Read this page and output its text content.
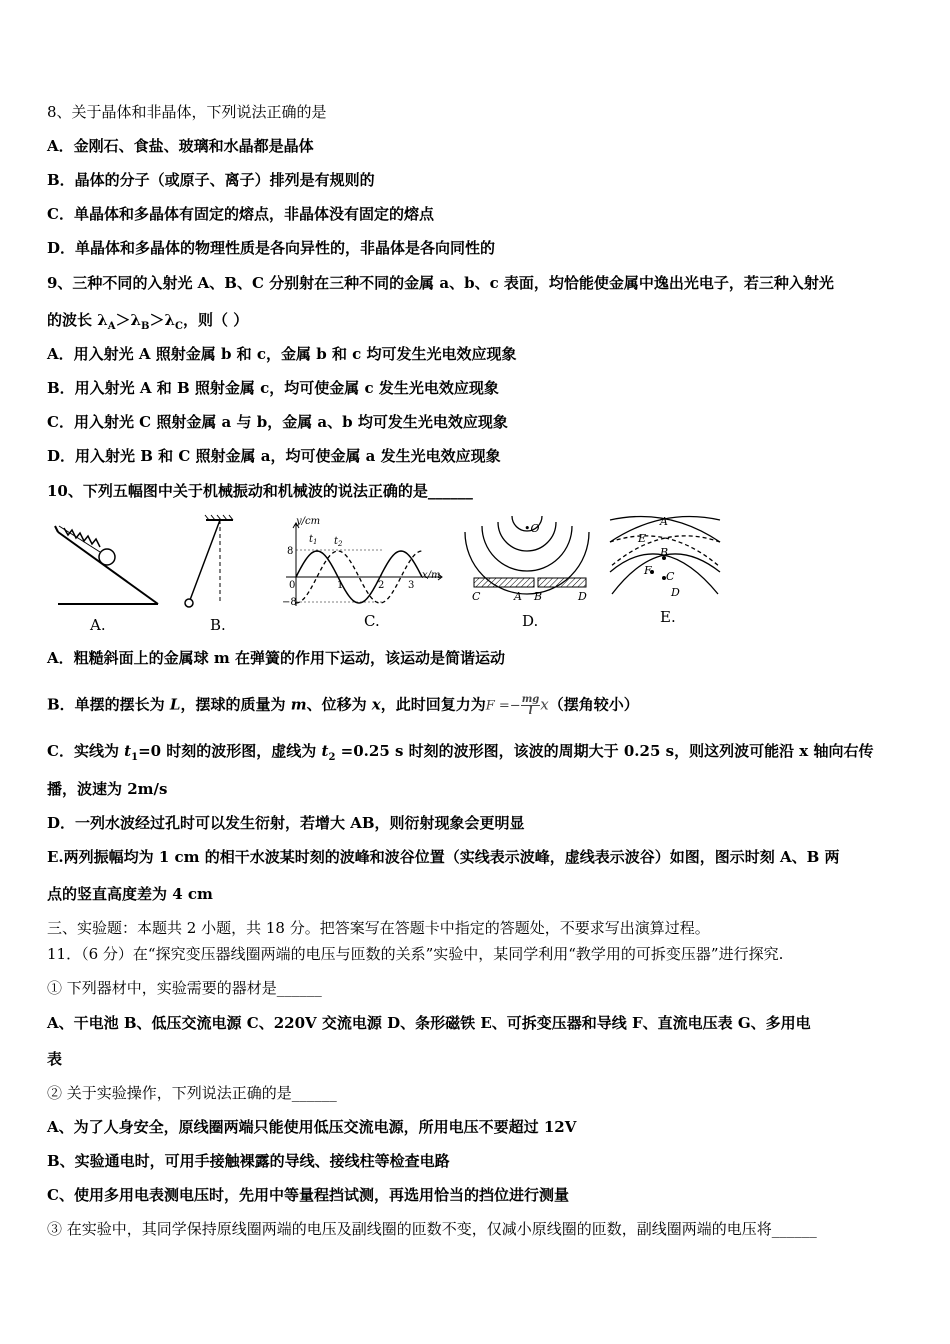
8、关于晶体和非晶体，下列说法正确的是
A．金刚石、食盐、玻璃和水晶都是晶体
B．晶体的分子（或原子、离子）排列是有规则的
C．单晶体和多晶体有固定的熔点，非晶体没有固定的熔点
D．单晶体和多晶体的物理性质是各向异性的，非晶体是各向同性的
9、三种不同的入射光 A、B、C 分别射在三种不同的金属 a、b、c 表面，均恰能使金属中逸出光电子，若三种入射光
的波长 $\lambda_A>\lambda_B>\lambda_C$，则（ ）
A．用入射光 A 照射金属 b 和 c，金属 b 和 c 均可发生光电效应现象
B．用入射光 A 和 B 照射金属 c，均可使金属 c 发生光电效应现象
C．用入射光 C 照射金属 a 与 b，金属 a、b 均可发生光电效应现象
D．用入射光 B 和 C 照射金属 a，均可使金属 a 发生光电效应现象
10、下列五幅图中关于机械振动和机械波的说法正确的是______
A.	B.
y/cm
x/m
$t_1$ $t_2$
8
−8
0	1	2 3
C.
•O
C	A B	D
D.
A
E
B
F C
D
E.
A．粗糙斜面上的金属球 m 在弹簧的作用下运动，该运动是简谐运动
B．单摆的摆长为 L，摆球的质量为 m、位移为 x，此时回复力为$F =- \frac{mg}{l} x$（摆角较小）
C．实线为 $t_1=0$ 时刻的波形图，虚线为 $t_2 =0.25$ s 时刻的波形图，该波的周期大于 0.25 s，则这列波可能沿 x 轴向右传
播，波速为 2m/s
D．一列水波经过孔时可以发生衍射，若增大 AB，则衍射现象会更明显
E.两列振幅均为 1 cm 的相干水波某时刻的波峰和波谷位置（实线表示波峰，虚线表示波谷）如图，图示时刻 A、B 两
点的竖直高度差为 4 cm
三、实验题：本题共 2 小题，共 18 分。把答案写在答题卡中指定的答题处，不要求写出演算过程。
11．（6 分）在“探究变压器线圈两端的电压与匝数的关系”实验中，某同学利用“教学用的可拆变压器”进行探究.
① 下列器材中，实验需要的器材是______
A、干电池 B、低压交流电源 C、220V 交流电源 D、条形磁铁 E、可拆变压器和导线 F、直流电压表 G、多用电
表
② 关于实验操作，下列说法正确的是______
A、为了人身安全，原线圈两端只能使用低压交流电源，所用电压不要超过 12V
B、实验通电时，可用手接触裸露的导线、接线柱等检查电路
C、使用多用电表测电压时，先用中等量程挡试测，再选用恰当的挡位进行测量
③ 在实验中，其同学保持原线圈两端的电压及副线圈的匝数不变，仅减小原线圈的匝数，副线圈两端的电压将______
